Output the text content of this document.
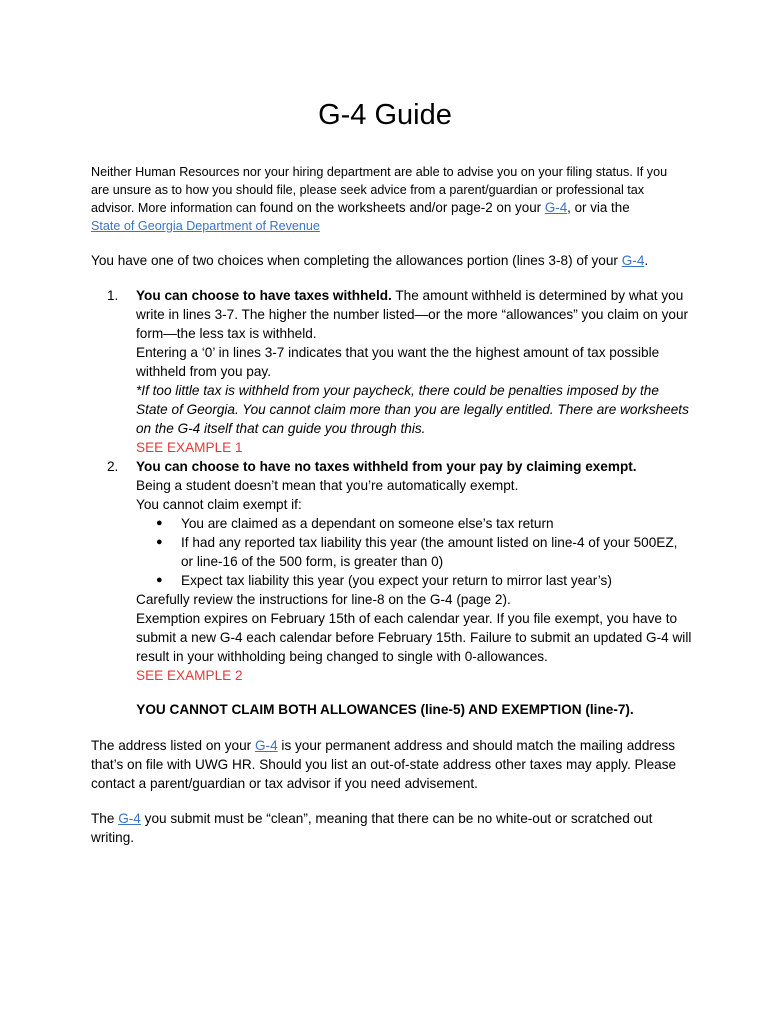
G-4 Guide
Neither Human Resources nor your hiring department are able to advise you on your filing status. If you are unsure as to how you should file, please seek advice from a parent/guardian or professional tax advisor. More information can found on the worksheets and/or page-2 on your G-4, or via the
State of Georgia Department of Revenue
You have one of two choices when completing the allowances portion (lines 3-8) of your G-4.
1. You can choose to have taxes withheld. The amount withheld is determined by what you write in lines 3-7. The higher the number listed—or the more “allowances” you claim on your form—the less tax is withheld.
Entering a ‘0’ in lines 3-7 indicates that you want the the highest amount of tax possible withheld from you pay.
*If too little tax is withheld from your paycheck, there could be penalties imposed by the State of Georgia. You cannot claim more than you are legally entitled. There are worksheets on the G-4 itself that can guide you through this.
SEE EXAMPLE 1
2. You can choose to have no taxes withheld from your pay by claiming exempt.
Being a student doesn’t mean that you’re automatically exempt.
You cannot claim exempt if:
● You are claimed as a dependant on someone else’s tax return
● If had any reported tax liability this year (the amount listed on line-4 of your 500EZ, or line-16 of the 500 form, is greater than 0)
● Expect tax liability this year (you expect your return to mirror last year’s)
Carefully review the instructions for line-8 on the G-4 (page 2).
Exemption expires on February 15th of each calendar year. If you file exempt, you have to submit a new G-4 each calendar before February 15th. Failure to submit an updated G-4 will result in your withholding being changed to single with 0-allowances.
SEE EXAMPLE 2
YOU CANNOT CLAIM BOTH ALLOWANCES (line-5) AND EXEMPTION (line-7).
The address listed on your G-4 is your permanent address and should match the mailing address that’s on file with UWG HR. Should you list an out-of-state address other taxes may apply. Please contact a parent/guardian or tax advisor if you need advisement.
The G-4 you submit must be “clean”, meaning that there can be no white-out or scratched out writing.
